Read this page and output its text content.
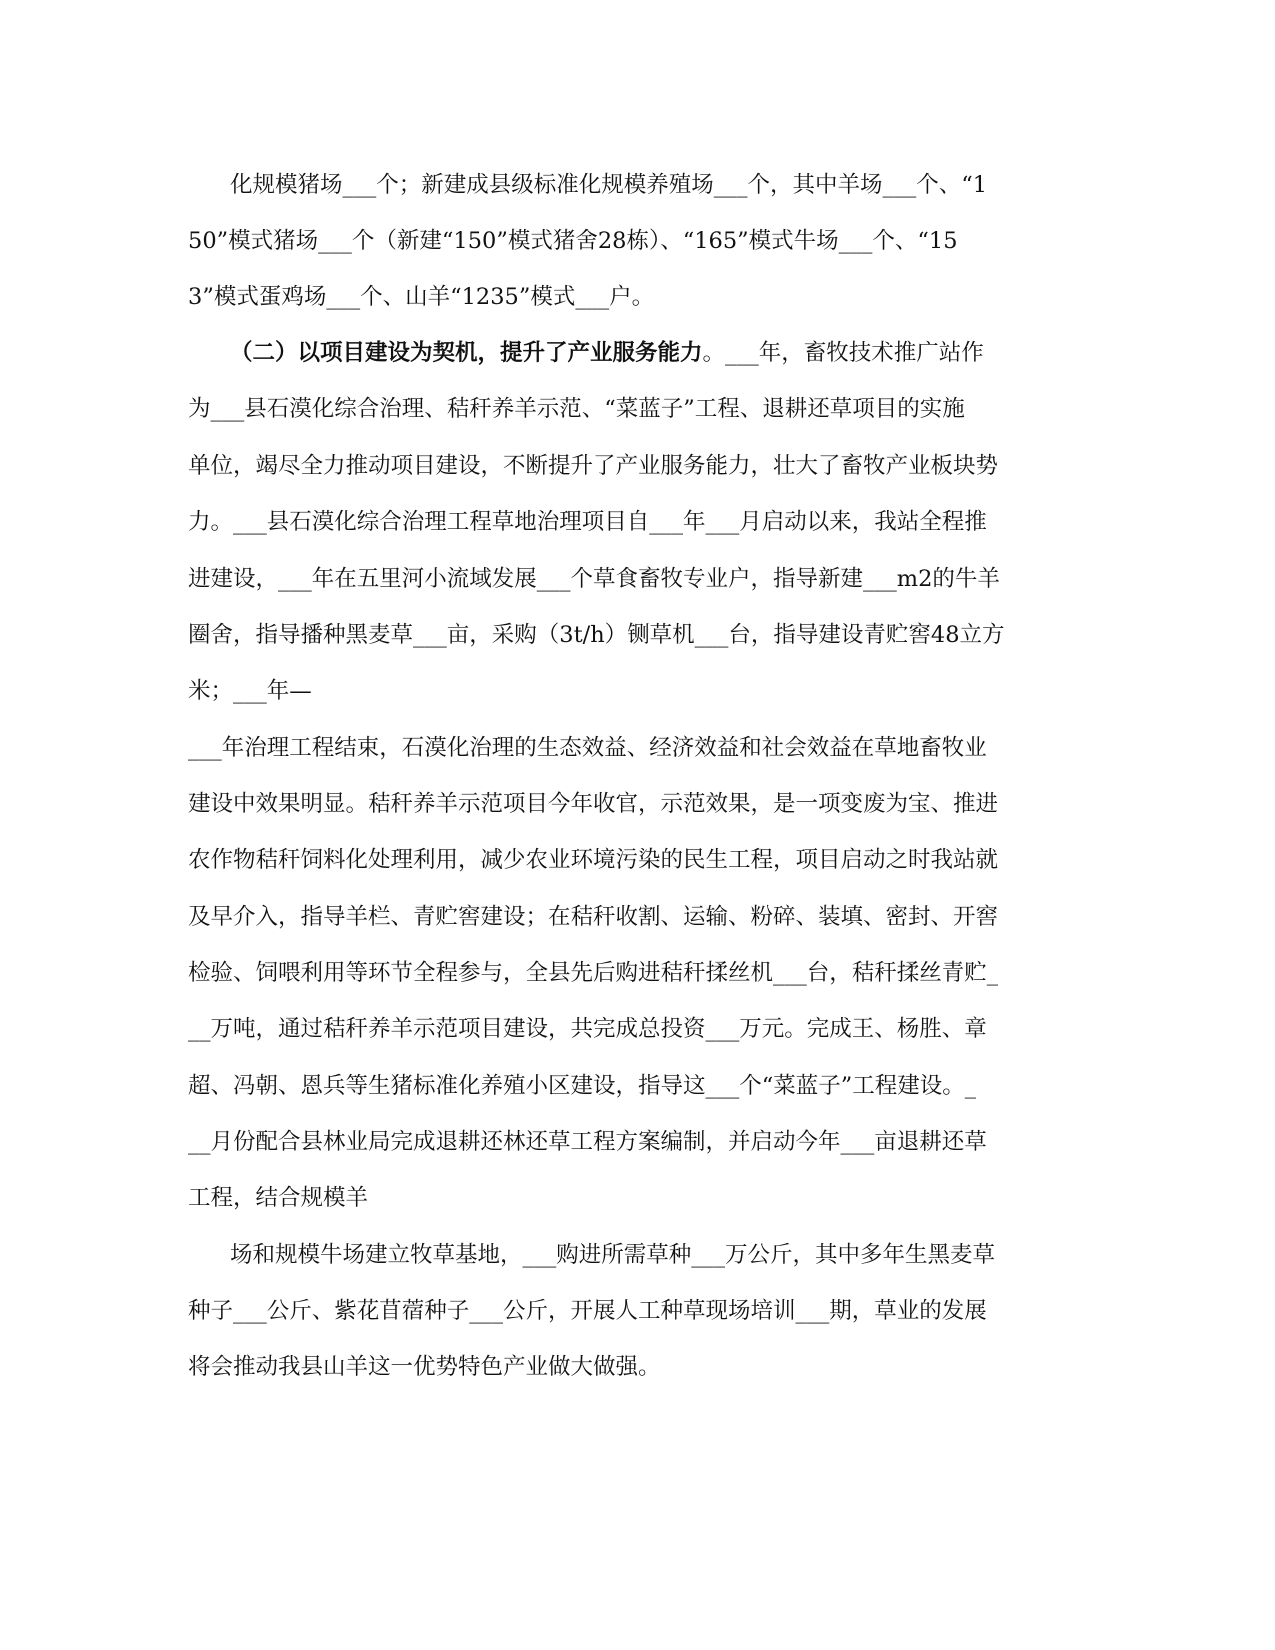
化规模猪场___个；新建成县级标准化规模养殖场___个，其中羊场___个、“1
50”模式猪场___个（新建“150”模式猪舍28栋）、“165”模式牛场___个、“15
3”模式蛋鸡场___个、山羊“1235”模式___户。
（二）以项目建设为契机，提升了产业服务能力。___年，畜牧技术推广站作
为___县石漠化综合治理、秸秆养羊示范、“菜蓝子”工程、退耕还草项目的实施
单位，竭尽全力推动项目建设，不断提升了产业服务能力，壮大了畜牧产业板块势
力。___县石漠化综合治理工程草地治理项目自___年___月启动以来，我站全程推
进建设，___年在五里河小流域发展___个草食畜牧专业户，指导新建___m2的牛羊
圈舍，指导播种黑麦草___亩，采购（3t/h）铡草机___台，指导建设青贮窖48立方
米；___年—
___年治理工程结束，石漠化治理的生态效益、经济效益和社会效益在草地畜牧业
建设中效果明显。秸秆养羊示范项目今年收官，示范效果，是一项变废为宝、推进
农作物秸秆饲料化处理利用，减少农业环境污染的民生工程，项目启动之时我站就
及早介入，指导羊栏、青贮窖建设；在秸秆收割、运输、粉碎、装填、密封、开窖
检验、饲喂利用等环节全程参与，全县先后购进秸秆揉丝机___台，秸秆揉丝青贮_
__万吨，通过秸秆养羊示范项目建设，共完成总投资___万元。完成王、杨胜、章
超、冯朝、恩兵等生猪标准化养殖小区建设，指导这___个“菜蓝子”工程建设。_
__月份配合县林业局完成退耕还林还草工程方案编制，并启动今年___亩退耕还草
工程，结合规模羊
场和规模牛场建立牧草基地，___购进所需草种___万公斤，其中多年生黑麦草
种子___公斤、紫花苜蓿种子___公斤，开展人工种草现场培训___期，草业的发展
将会推动我县山羊这一优势特色产业做大做强。
